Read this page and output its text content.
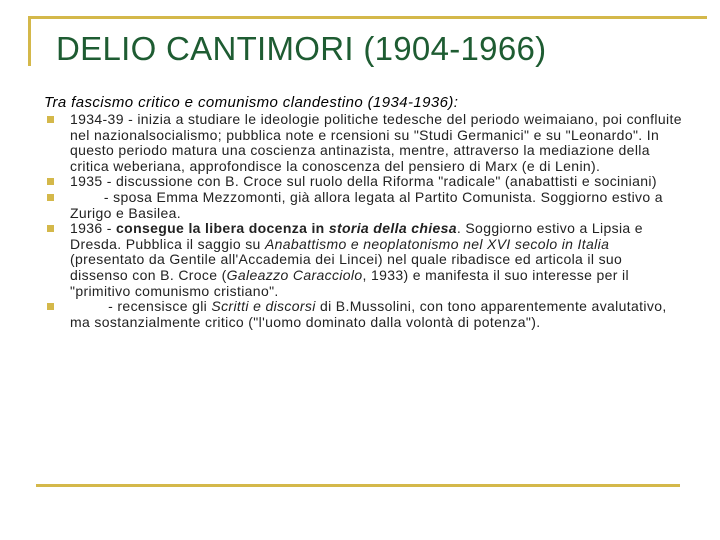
DELIO CANTIMORI (1904-1966)
Tra fascismo critico e comunismo clandestino (1934-1936):
1934-39 - inizia a studiare le ideologie politiche tedesche del periodo weimaiano, poi confluite nel nazionalsocialismo; pubblica note e rcensioni su "Studi Germanici" e su "Leonardo". In questo periodo matura una coscienza antinazista, mentre, attraverso la mediazione della critica weberiana, approfondisce la conoscenza del pensiero di Marx (e di Lenin).
1935 - discussione con B. Croce sul ruolo della Riforma "radicale" (anabattisti e sociniani)
- sposa Emma Mezzomonti, già allora legata al Partito Comunista. Soggiorno estivo a Zurigo e Basilea.
1936 - consegue la libera docenza in storia della chiesa. Soggiorno estivo a Lipsia e Dresda. Pubblica il saggio su Anabattismo e neoplatonismo nel XVI secolo in Italia (presentato da Gentile all'Accademia dei Lincei) nel quale ribadisce ed articola il suo dissenso con B. Croce (Galeazzo Caracciolo, 1933) e manifesta il suo interesse per il "primitivo comunismo cristiano".
- recensisce gli Scritti e discorsi di B.Mussolini, con tono apparentemente avalutativo, ma sostanzialmente critico ("l'uomo dominato dalla volontà di potenza").
